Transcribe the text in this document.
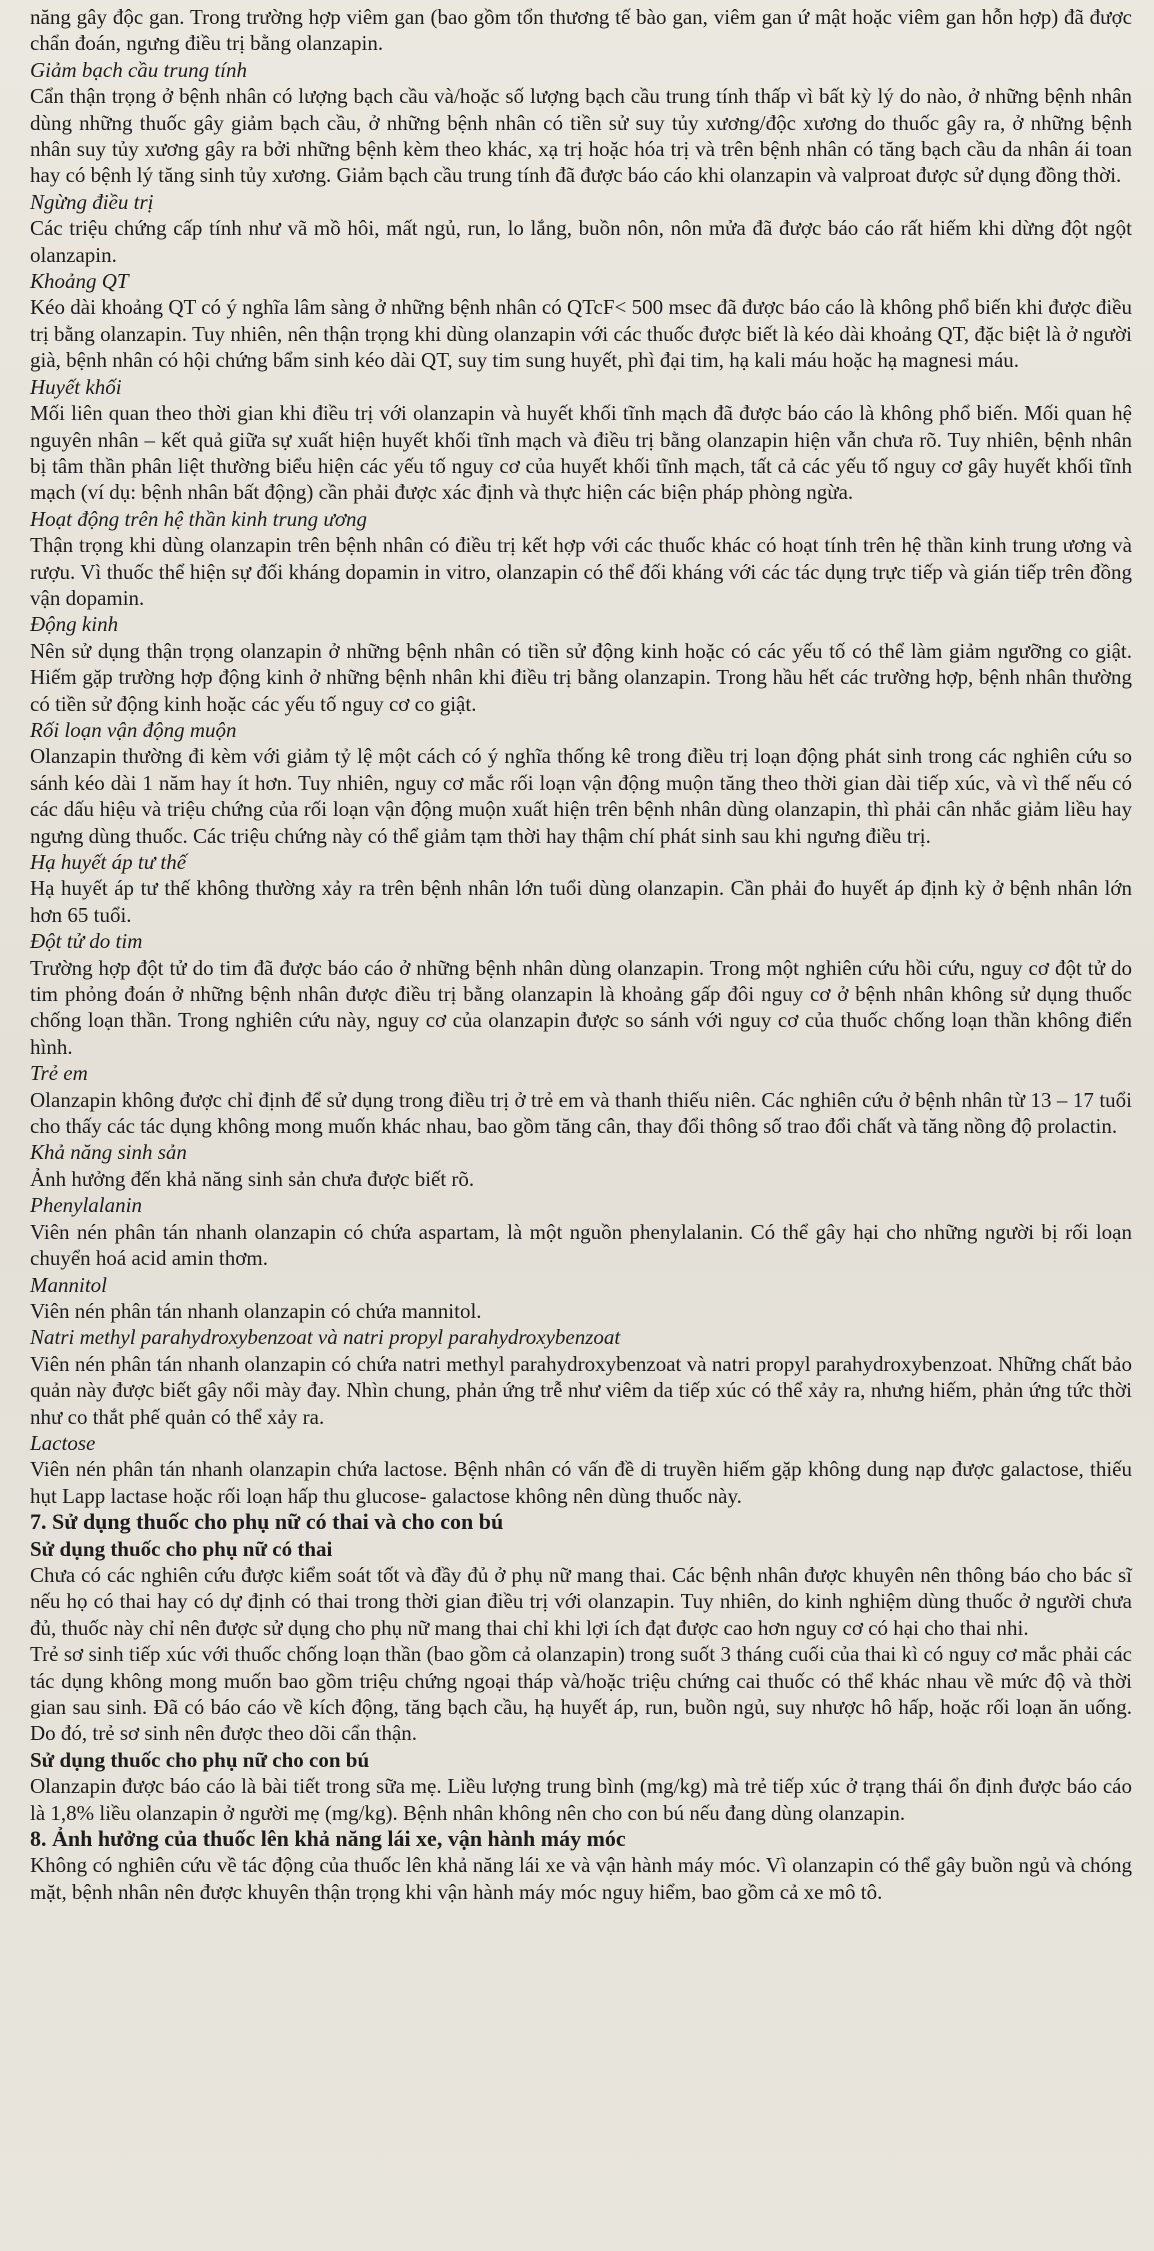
năng gây độc gan. Trong trường hợp viêm gan (bao gồm tổn thương tế bào gan, viêm gan ứ mật hoặc viêm gan hỗn hợp) đã được chẩn đoán, ngưng điều trị bằng olanzapin.

Giảm bạch cầu trung tính

Cẩn thận trọng ở bệnh nhân có lượng bạch cầu và/hoặc số lượng bạch cầu trung tính thấp vì bất kỳ lý do nào, ở những bệnh nhân dùng những thuốc gây giảm bạch cầu, ở những bệnh nhân có tiền sử suy tủy xương/độc xương do thuốc gây ra, ở những bệnh nhân suy tủy xương gây ra bởi những bệnh kèm theo khác, xạ trị hoặc hóa trị và trên bệnh nhân có tăng bạch cầu da nhân ái toan hay có bệnh lý tăng sinh tủy xương. Giảm bạch cầu trung tính đã được báo cáo khi olanzapin và valproat được sử dụng đồng thời.

Ngừng điều trị

Các triệu chứng cấp tính như vã mồ hôi, mất ngủ, run, lo lắng, buồn nôn, nôn mửa đã được báo cáo rất hiếm khi dừng đột ngột olanzapin.

Khoảng QT

Kéo dài khoảng QT có ý nghĩa lâm sàng ở những bệnh nhân có QTcF< 500 msec đã được báo cáo là không phổ biến khi được điều trị bằng olanzapin. Tuy nhiên, nên thận trọng khi dùng olanzapin với các thuốc được biết là kéo dài khoảng QT, đặc biệt là ở người già, bệnh nhân có hội chứng bẩm sinh kéo dài QT, suy tim sung huyết, phì đại tim, hạ kali máu hoặc hạ magnesi máu.

Huyết khối

Mối liên quan theo thời gian khi điều trị với olanzapin và huyết khối tĩnh mạch đã được báo cáo là không phổ biến. Mối quan hệ nguyên nhân – kết quả giữa sự xuất hiện huyết khối tĩnh mạch và điều trị bằng olanzapin hiện vẫn chưa rõ. Tuy nhiên, bệnh nhân bị tâm thần phân liệt thường biểu hiện các yếu tố nguy cơ của huyết khối tĩnh mạch, tất cả các yếu tố nguy cơ gây huyết khối tĩnh mạch (ví dụ: bệnh nhân bất động) cần phải được xác định và thực hiện các biện pháp phòng ngừa.

Hoạt động trên hệ thần kinh trung ương

Thận trọng khi dùng olanzapin trên bệnh nhân có điều trị kết hợp với các thuốc khác có hoạt tính trên hệ thần kinh trung ương và rượu. Vì thuốc thể hiện sự đối kháng dopamin in vitro, olanzapin có thể đối kháng với các tác dụng trực tiếp và gián tiếp trên đồng vận dopamin.

Động kinh

Nên sử dụng thận trọng olanzapin ở những bệnh nhân có tiền sử động kinh hoặc có các yếu tố có thể làm giảm ngưỡng co giật. Hiếm gặp trường hợp động kinh ở những bệnh nhân khi điều trị bằng olanzapin. Trong hầu hết các trường hợp, bệnh nhân thường có tiền sử động kinh hoặc các yếu tố nguy cơ co giật.

Rối loạn vận động muộn

Olanzapin thường đi kèm với giảm tỷ lệ một cách có ý nghĩa thống kê trong điều trị loạn động phát sinh trong các nghiên cứu so sánh kéo dài 1 năm hay ít hơn. Tuy nhiên, nguy cơ mắc rối loạn vận động muộn tăng theo thời gian dài tiếp xúc, và vì thế nếu có các dấu hiệu và triệu chứng của rối loạn vận động muộn xuất hiện trên bệnh nhân dùng olanzapin, thì phải cân nhắc giảm liều hay ngưng dùng thuốc. Các triệu chứng này có thể giảm tạm thời hay thậm chí phát sinh sau khi ngưng điều trị.

Hạ huyết áp tư thế

Hạ huyết áp tư thế không thường xảy ra trên bệnh nhân lớn tuổi dùng olanzapin. Cần phải đo huyết áp định kỳ ở bệnh nhân lớn hơn 65 tuổi.

Đột tử do tim

Trường hợp đột tử do tim đã được báo cáo ở những bệnh nhân dùng olanzapin. Trong một nghiên cứu hồi cứu, nguy cơ đột tử do tim phỏng đoán ở những bệnh nhân được điều trị bằng olanzapin là khoảng gấp đôi nguy cơ ở bệnh nhân không sử dụng thuốc chống loạn thần. Trong nghiên cứu này, nguy cơ của olanzapin được so sánh với nguy cơ của thuốc chống loạn thần không điển hình.

Trẻ em

Olanzapin không được chỉ định để sử dụng trong điều trị ở trẻ em và thanh thiếu niên. Các nghiên cứu ở bệnh nhân từ 13 – 17 tuổi cho thấy các tác dụng không mong muốn khác nhau, bao gồm tăng cân, thay đổi thông số trao đổi chất và tăng nồng độ prolactin.

Khả năng sinh sản

Ảnh hưởng đến khả năng sinh sản chưa được biết rõ.

Phenylalanin

Viên nén phân tán nhanh olanzapin có chứa aspartam, là một nguồn phenylalanin. Có thể gây hại cho những người bị rối loạn chuyển hoá acid amin thơm.

Mannitol

Viên nén phân tán nhanh olanzapin có chứa mannitol.

Natri methyl parahydroxybenzoat và natri propyl parahydroxybenzoat

Viên nén phân tán nhanh olanzapin có chứa natri methyl parahydroxybenzoat và natri propyl parahydroxybenzoat. Những chất bảo quản này được biết gây nổi mày đay. Nhìn chung, phản ứng trễ như viêm da tiếp xúc có thể xảy ra, nhưng hiếm, phản ứng tức thời như co thắt phế quản có thể xảy ra.

Lactose

Viên nén phân tán nhanh olanzapin chứa lactose. Bệnh nhân có vấn đề di truyền hiếm gặp không dung nạp được galactose, thiếu hụt Lapp lactase hoặc rối loạn hấp thu glucose- galactose không nên dùng thuốc này.

7. Sử dụng thuốc cho phụ nữ có thai và cho con bú

Sử dụng thuốc cho phụ nữ có thai

Chưa có các nghiên cứu được kiểm soát tốt và đầy đủ ở phụ nữ mang thai. Các bệnh nhân được khuyên nên thông báo cho bác sĩ nếu họ có thai hay có dự định có thai trong thời gian điều trị với olanzapin. Tuy nhiên, do kinh nghiệm dùng thuốc ở người chưa đủ, thuốc này chỉ nên được sử dụng cho phụ nữ mang thai chỉ khi lợi ích đạt được cao hơn nguy cơ có hại cho thai nhi.

Trẻ sơ sinh tiếp xúc với thuốc chống loạn thần (bao gồm cả olanzapin) trong suốt 3 tháng cuối của thai kì có nguy cơ mắc phải các tác dụng không mong muốn bao gồm triệu chứng ngoại tháp và/hoặc triệu chứng cai thuốc có thể khác nhau về mức độ và thời gian sau sinh. Đã có báo cáo về kích động, tăng bạch cầu, hạ huyết áp, run, buồn ngủ, suy nhược hô hấp, hoặc rối loạn ăn uống. Do đó, trẻ sơ sinh nên được theo dõi cẩn thận.

Sử dụng thuốc cho phụ nữ cho con bú

Olanzapin được báo cáo là bài tiết trong sữa mẹ. Liều lượng trung bình (mg/kg) mà trẻ tiếp xúc ở trạng thái ổn định được báo cáo là 1,8% liều olanzapin ở người mẹ (mg/kg). Bệnh nhân không nên cho con bú nếu đang dùng olanzapin.

8. Ảnh hưởng của thuốc lên khả năng lái xe, vận hành máy móc

Không có nghiên cứu về tác động của thuốc lên khả năng lái xe và vận hành máy móc. Vì olanzapin có thể gây buồn ngủ và chóng mặt, bệnh nhân nên được khuyên thận trọng khi vận hành máy móc nguy hiểm, bao gồm cả xe mô tô.
